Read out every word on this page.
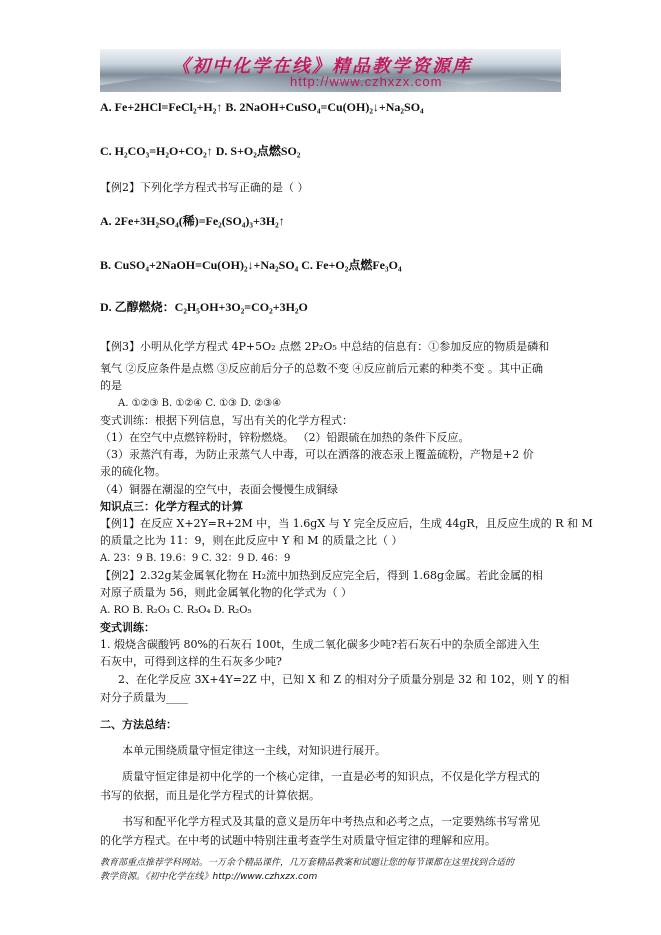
《初中化学在线》精品教学资源库
http://www.czhxzx.com
A. Fe+2HCl=FeCl₂+H₂↑ B. 2NaOH+CuSO₄=Cu(OH)₂↓+Na₂SO₄
C. H₂CO₃=H₂O+CO₂↑ D. S+O₂点燃SO₂
【例2】下列化学方程式书写正确的是（ ）
A. 2Fe+3H₂SO₄(稀)=Fe₂(SO₄)₃+3H₂↑
B. CuSO₄+2NaOH=Cu(OH)₂↓+Na₂SO₄ C. Fe+O₂点燃Fe₃O₄
D. 乙醇燃烧：C₂H₅OH+3O₂=CO₂+3H₂O
【例3】小明从化学方程式 4P+5O₂ 点燃 2P₂O₅ 中总结的信息有：①参加反应的物质是磷和
氧气 ②反应条件是点燃 ③反应前后分子的总数不变 ④反应前后元素的种类不变 。其中正确
的是
A. ①②③ B. ①②④ C. ①③ D. ②③④
变式训练：根据下列信息，写出有关的化学方程式：
（1）在空气中点燃锌粉时，锌粉燃烧。 （2）铅跟硫在加热的条件下反应。
（3）汞蒸汽有毒，为防止汞蒸气人中毒，可以在洒落的液态汞上覆盖硫粉，产物是+2 价
汞的硫化物。
（4）铜器在潮湿的空气中，表面会慢慢生成铜绿
知识点三：化学方程式的计算
【例1】在反应 X+2Y=R+2M 中，当 1.6gX 与 Y 完全反应后，生成 44gR，且反应生成的 R 和 M
的质量之比为 11：9，则在此反应中 Y 和 M 的质量之比（ ）
A. 23：9 B. 19.6：9 C. 32：9 D. 46：9
【例2】2.32g某金属氧化物在 H₂流中加热到反应完全后，得到 1.68g金属。若此金属的相
对原子质量为 56，则此金属氧化物的化学式为（ ）
A. RO B. R₂O₃ C. R₃O₄ D. R₂O₅
变式训练：
1. 煅烧含碳酸钙 80%的石灰石 100t，生成二氧化碳多少吨?若石灰石中的杂质全部进入生
石灰中，可得到这样的生石灰多少吨?
2、在化学反应 3X+4Y=2Z 中，已知 X 和 Z 的相对分子质量分别是 32 和 102，则 Y 的相
对分子质量为____
二、方法总结：
本单元围绕质量守恒定律这一主线，对知识进行展开。
质量守恒定律是初中化学的一个核心定律，一直是必考的知识点，不仅是化学方程式的
书写的依据，而且是化学方程式的计算依据。
书写和配平化学方程式及其量的意义是历年中考热点和必考之点，一定要熟练书写常见
的化学方程式。在中考的试题中特别注重考查学生对质量守恒定律的理解和应用。
教育部重点推荐学科网站。一万余个精品课件，几万套精品教案和试题让您的每节课都在这里找到合适的
教学资源。《初中化学在线》http://www.czhxzx.com
